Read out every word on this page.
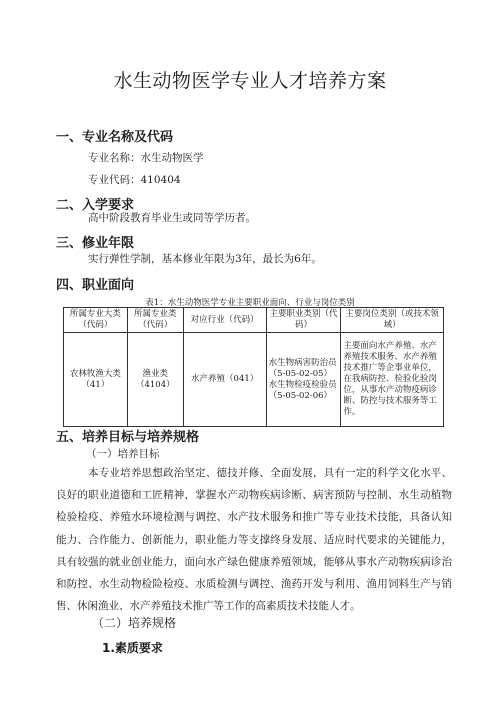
水生动物医学专业人才培养方案
一、专业名称及代码
专业名称：水生动物医学
专业代码：410404
二、入学要求
高中阶段教育毕业生或同等学历者。
三、修业年限
实行弹性学制，基本修业年限为3年，最长为6年。
四、职业面向
表1：水生动物医学专业主要职业面向、行业与岗位类别
所属专业大类（代码）	所属专业类（代码）	对应行业（代码）	主要职业类别（代码）	主要岗位类别（或技术领域）
农林牧渔大类（41）	渔业类（4104）	水产养殖（041）	水生物病害防治员（5-05-02-05）水生物检疫检验员（5-05-02-06）	主要面向水产养殖、水产养殖技术服务、水产养殖技术推广等企事业单位，在我病防控、检验化验岗位，从事水产动物疫病诊断、防控与技术服务等工作。
五、培养目标与培养规格
（一）培养目标
本专业培养思想政治坚定、德技并修、全面发展，具有一定的科学文化水平、良好的职业道德和工匠精神，掌握水产动物疾病诊断、病害预防与控制、水生动植物检验检疫、养殖水环境检测与调控、水产技术服务和推广等专业技术技能，具备认知能力、合作能力、创新能力，职业能力等支撑终身发展、适应时代要求的关键能力，具有较强的就业创业能力，面向水产绿色健康养殖领域，能够从事水产动物疾病诊治和防控、水生动物检险检疫、水质检测与调控、渔药开发与利用、渔用饲料生产与销售、休闲渔业、水产养殖技术推广等工作的高素质技术技能人才。
（二）培养规格
1.素质要求
